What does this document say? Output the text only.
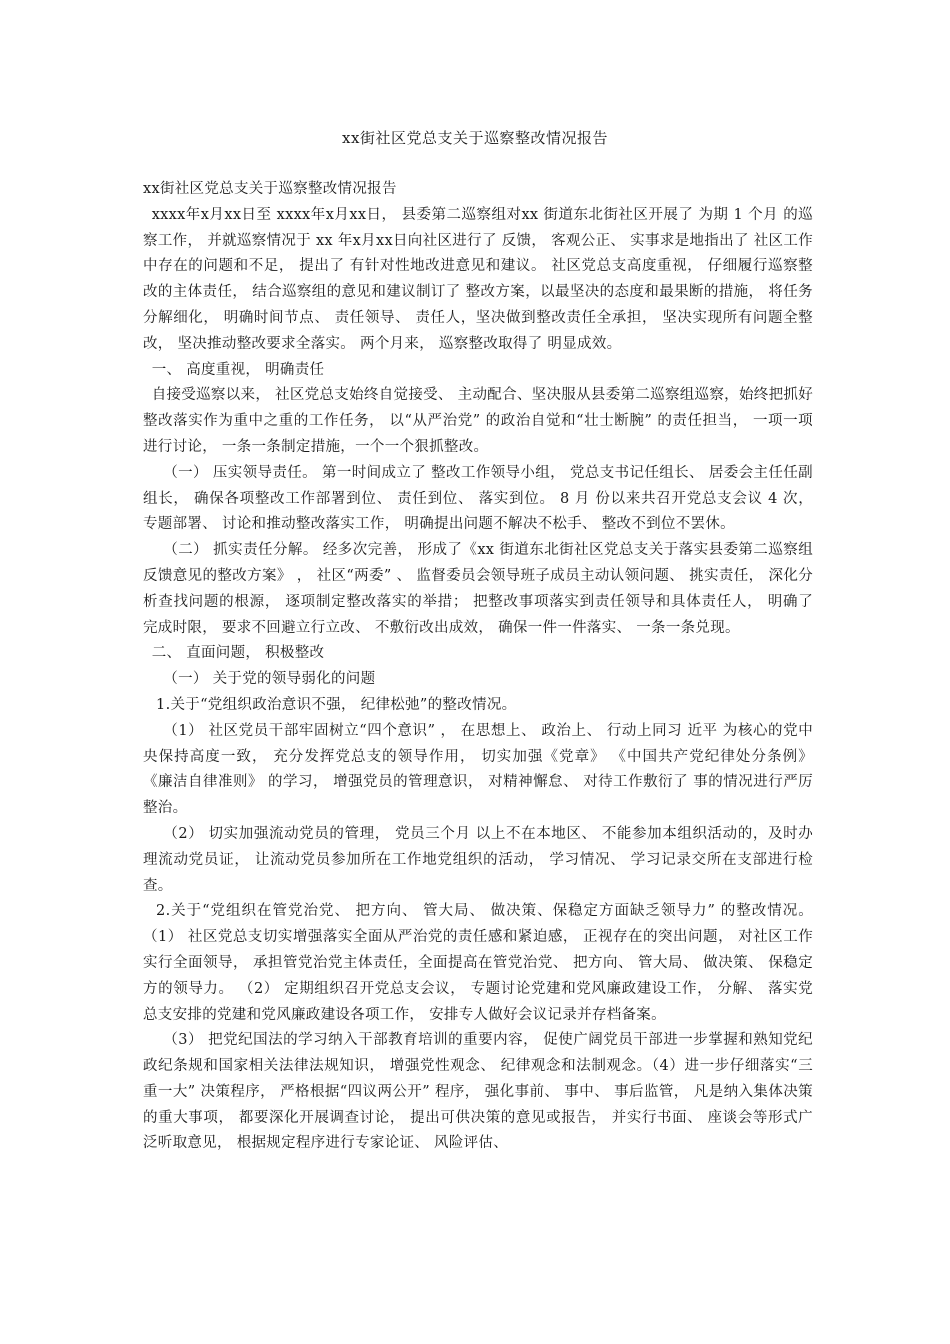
xx街社区党总支关于巡察整改情况报告

xx街社区党总支关于巡察整改情况报告

xxxx年x月xx日至 xxxx年x月xx日， 县委第二巡察组对xx 街道东北街社区开展了 为期 1 个月 的巡察工作， 并就巡察情况于 xx 年x月xx日向社区进行了 反馈， 客观公正、 实事求是地指出了 社区工作中存在的问题和不足， 提出了 有针对性地改进意见和建议。 社区党总支高度重视， 仔细履行巡察整改的主体责任， 结合巡察组的意见和建议制订了 整改方案，以最坚决的态度和最果断的措施， 将任务分解细化， 明确时间节点、 责任领导、 责任人，坚决做到整改责任全承担， 坚决实现所有问题全整改， 坚决推动整改要求全落实。 两个月来， 巡察整改取得了 明显成效。

一、 高度重视， 明确责任

自接受巡察以来， 社区党总支始终自觉接受、 主动配合、坚决服从县委第二巡察组巡察，始终把抓好整改落实作为重中之重的工作任务， 以“从严治党” 的政治自觉和“壮士断腕” 的责任担当， 一项一项进行讨论， 一条一条制定措施，一个一个狠抓整改。

（一） 压实领导责任。 第一时间成立了 整改工作领导小组， 党总支书记任组长、 居委会主任任副组长， 确保各项整改工作部署到位、 责任到位、 落实到位。 8 月 份以来共召开党总支会议 4 次， 专题部署、 讨论和推动整改落实工作， 明确提出问题不解决不松手、 整改不到位不罢休。

（二） 抓实责任分解。 经多次完善， 形成了《xx 街道东北街社区党总支关于落实县委第二巡察组反馈意见的整改方案》 ， 社区“两委” 、 监督委员会领导班子成员主动认领问题、 挑实责任， 深化分析查找问题的根源， 逐项制定整改落实的举措； 把整改事项落实到责任领导和具体责任人， 明确了 完成时限， 要求不回避立行立改、 不敷衍改出成效， 确保一件一件落实、 一条一条兑现。

二、 直面问题， 积极整改

（一） 关于党的领导弱化的问题

1.关于“党组织政治意识不强， 纪律松弛”的整改情况。

（1） 社区党员干部牢固树立“四个意识” ， 在思想上、 政治上、 行动上同习 近平 为核心的党中央保持高度一致， 充分发挥党总支的领导作用， 切实加强《党章》 《中国共产党纪律处分条例》 《廉洁自律准则》 的学习， 增强党员的管理意识， 对精神懈怠、 对待工作敷衍了 事的情况进行严厉整治。

（2） 切实加强流动党员的管理， 党员三个月 以上不在本地区、 不能参加本组织活动的，及时办理流动党员证， 让流动党员参加所在工作地党组织的活动， 学习情况、 学习记录交所在支部进行检查。

2.关于“党组织在管党治党、 把方向、 管大局、 做决策、保稳定方面缺乏领导力” 的整改情况。 （1） 社区党总支切实增强落实全面从严治党的责任感和紧迫感， 正视存在的突出问题， 对社区工作实行全面领导， 承担管党治党主体责任，全面提高在管党治党、 把方向、 管大局、 做决策、 保稳定方的领导力。 （2） 定期组织召开党总支会议， 专题讨论党建和党风廉政建设工作， 分解、 落实党总支安排的党建和党风廉政建设各项工作， 安排专人做好会议记录并存档备案。

（3） 把党纪国法的学习纳入干部教育培训的重要内容， 促使广阔党员干部进一步掌握和熟知党纪政纪条规和国家相关法律法规知识， 增强党性观念、 纪律观念和法制观念。（4）进一步仔细落实“三重一大” 决策程序， 严格根据“四议两公开” 程序， 强化事前、 事中、 事后监管， 凡是纳入集体决策的重大事项， 都要深化开展调查讨论， 提出可供决策的意见或报告， 并实行书面、 座谈会等形式广泛听取意见， 根据规定程序进行专家论证、 风险评估、
